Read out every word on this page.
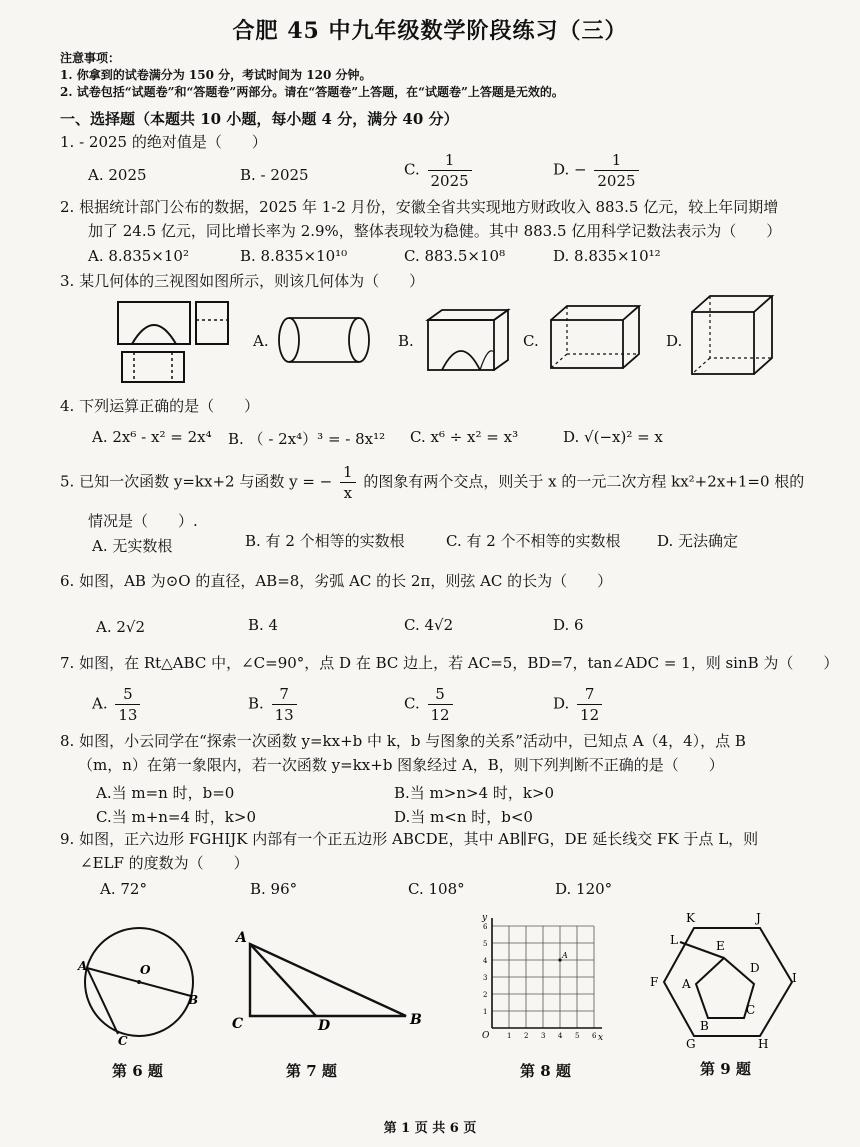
合肥 45 中九年级数学阶段练习（三）
注意事项：
1. 你拿到的试卷满分为 150 分，考试时间为 120 分钟。
2. 试卷包括“试题卷”和“答题卷”两部分。请在“答题卷”上答题，在“试题卷”上答题是无效的。
一、选择题（本题共 10 小题，每小题 4 分，满分 40 分）
1. - 2025 的绝对值是（　　）
A. 2025	B. - 2025	C. $\frac{1}{2025}$	D. − $\frac{1}{2025}$
2. 根据统计部门公布的数据，2025 年 1-2 月份，安徽全省共实现地方财政收入 883.5 亿元，较上年同期增
加了 24.5 亿元，同比增长率为 2.9%，整体表现较为稳健。其中 883.5 亿用科学记数法表示为（　　）
A. 8.835×10²	B. 8.835×10¹⁰	C. 883.5×10⁸	D. 8.835×10¹²
3. 某几何体的三视图如图所示，则该几何体为（　　）
A.	B.	C.	D.
4. 下列运算正确的是（　　）
A. 2x⁶ - x² = 2x⁴ B. （ - 2x⁴）³ = - 8x¹² C. x⁶ ÷ x² = x³	D. √(−x)² = x
5. 已知一次函数 y=kx+2 与函数 y = − $\frac{1}{x}$ 的图象有两个交点，则关于 x 的一元二次方程 kx²+2x+1=0 根的
情况是（　　）.
A. 无实数根	B. 有 2 个相等的实数根	C. 有 2 个不相等的实数根 D. 无法确定
6. 如图，AB 为⊙O 的直径，AB=8，劣弧 AC 的长 2π，则弦 AC 的长为（　　）
A. 2√2	B. 4	C. 4√2	D. 6
7. 如图，在 Rt△ABC 中，∠C=90°，点 D 在 BC 边上，若 AC=5，BD=7，tan∠ADC = 1，则 sinB 为（　　）
A. $\frac{5}{13}$	B. $\frac{7}{13}$	C. $\frac{5}{12}$	D. $\frac{7}{12}$
8. 如图，小云同学在“探索一次函数 y=kx+b 中 k，b 与图象的关系”活动中，已知点 A（4，4），点 B
（m，n）在第一象限内，若一次函数 y=kx+b 图象经过 A，B，则下列判断不正确的是（　　）
A.当 m=n 时，b=0	B.当 m>n>4 时，k>0
C.当 m+n=4 时，k>0	D.当 m<n 时，b<0
9. 如图，正六边形 FGHIJK 内部有一个正五边形 ABCDE，其中 AB∥FG，DE 延长线交 FK 于点 L，则
∠ELF 的度数为（　　）
A. 72°	B. 96°	C. 108°	D. 120°
A	O
B
C
A
C	D	B
y
x
O
A
1
2
3
4
5
6
1 2 3 4 5 6
K	J
L	E
F A
D
I
B
C
G	H
第 6 题	第 7 题	第 8 题	第 9 题
第 1 页 共 6 页
